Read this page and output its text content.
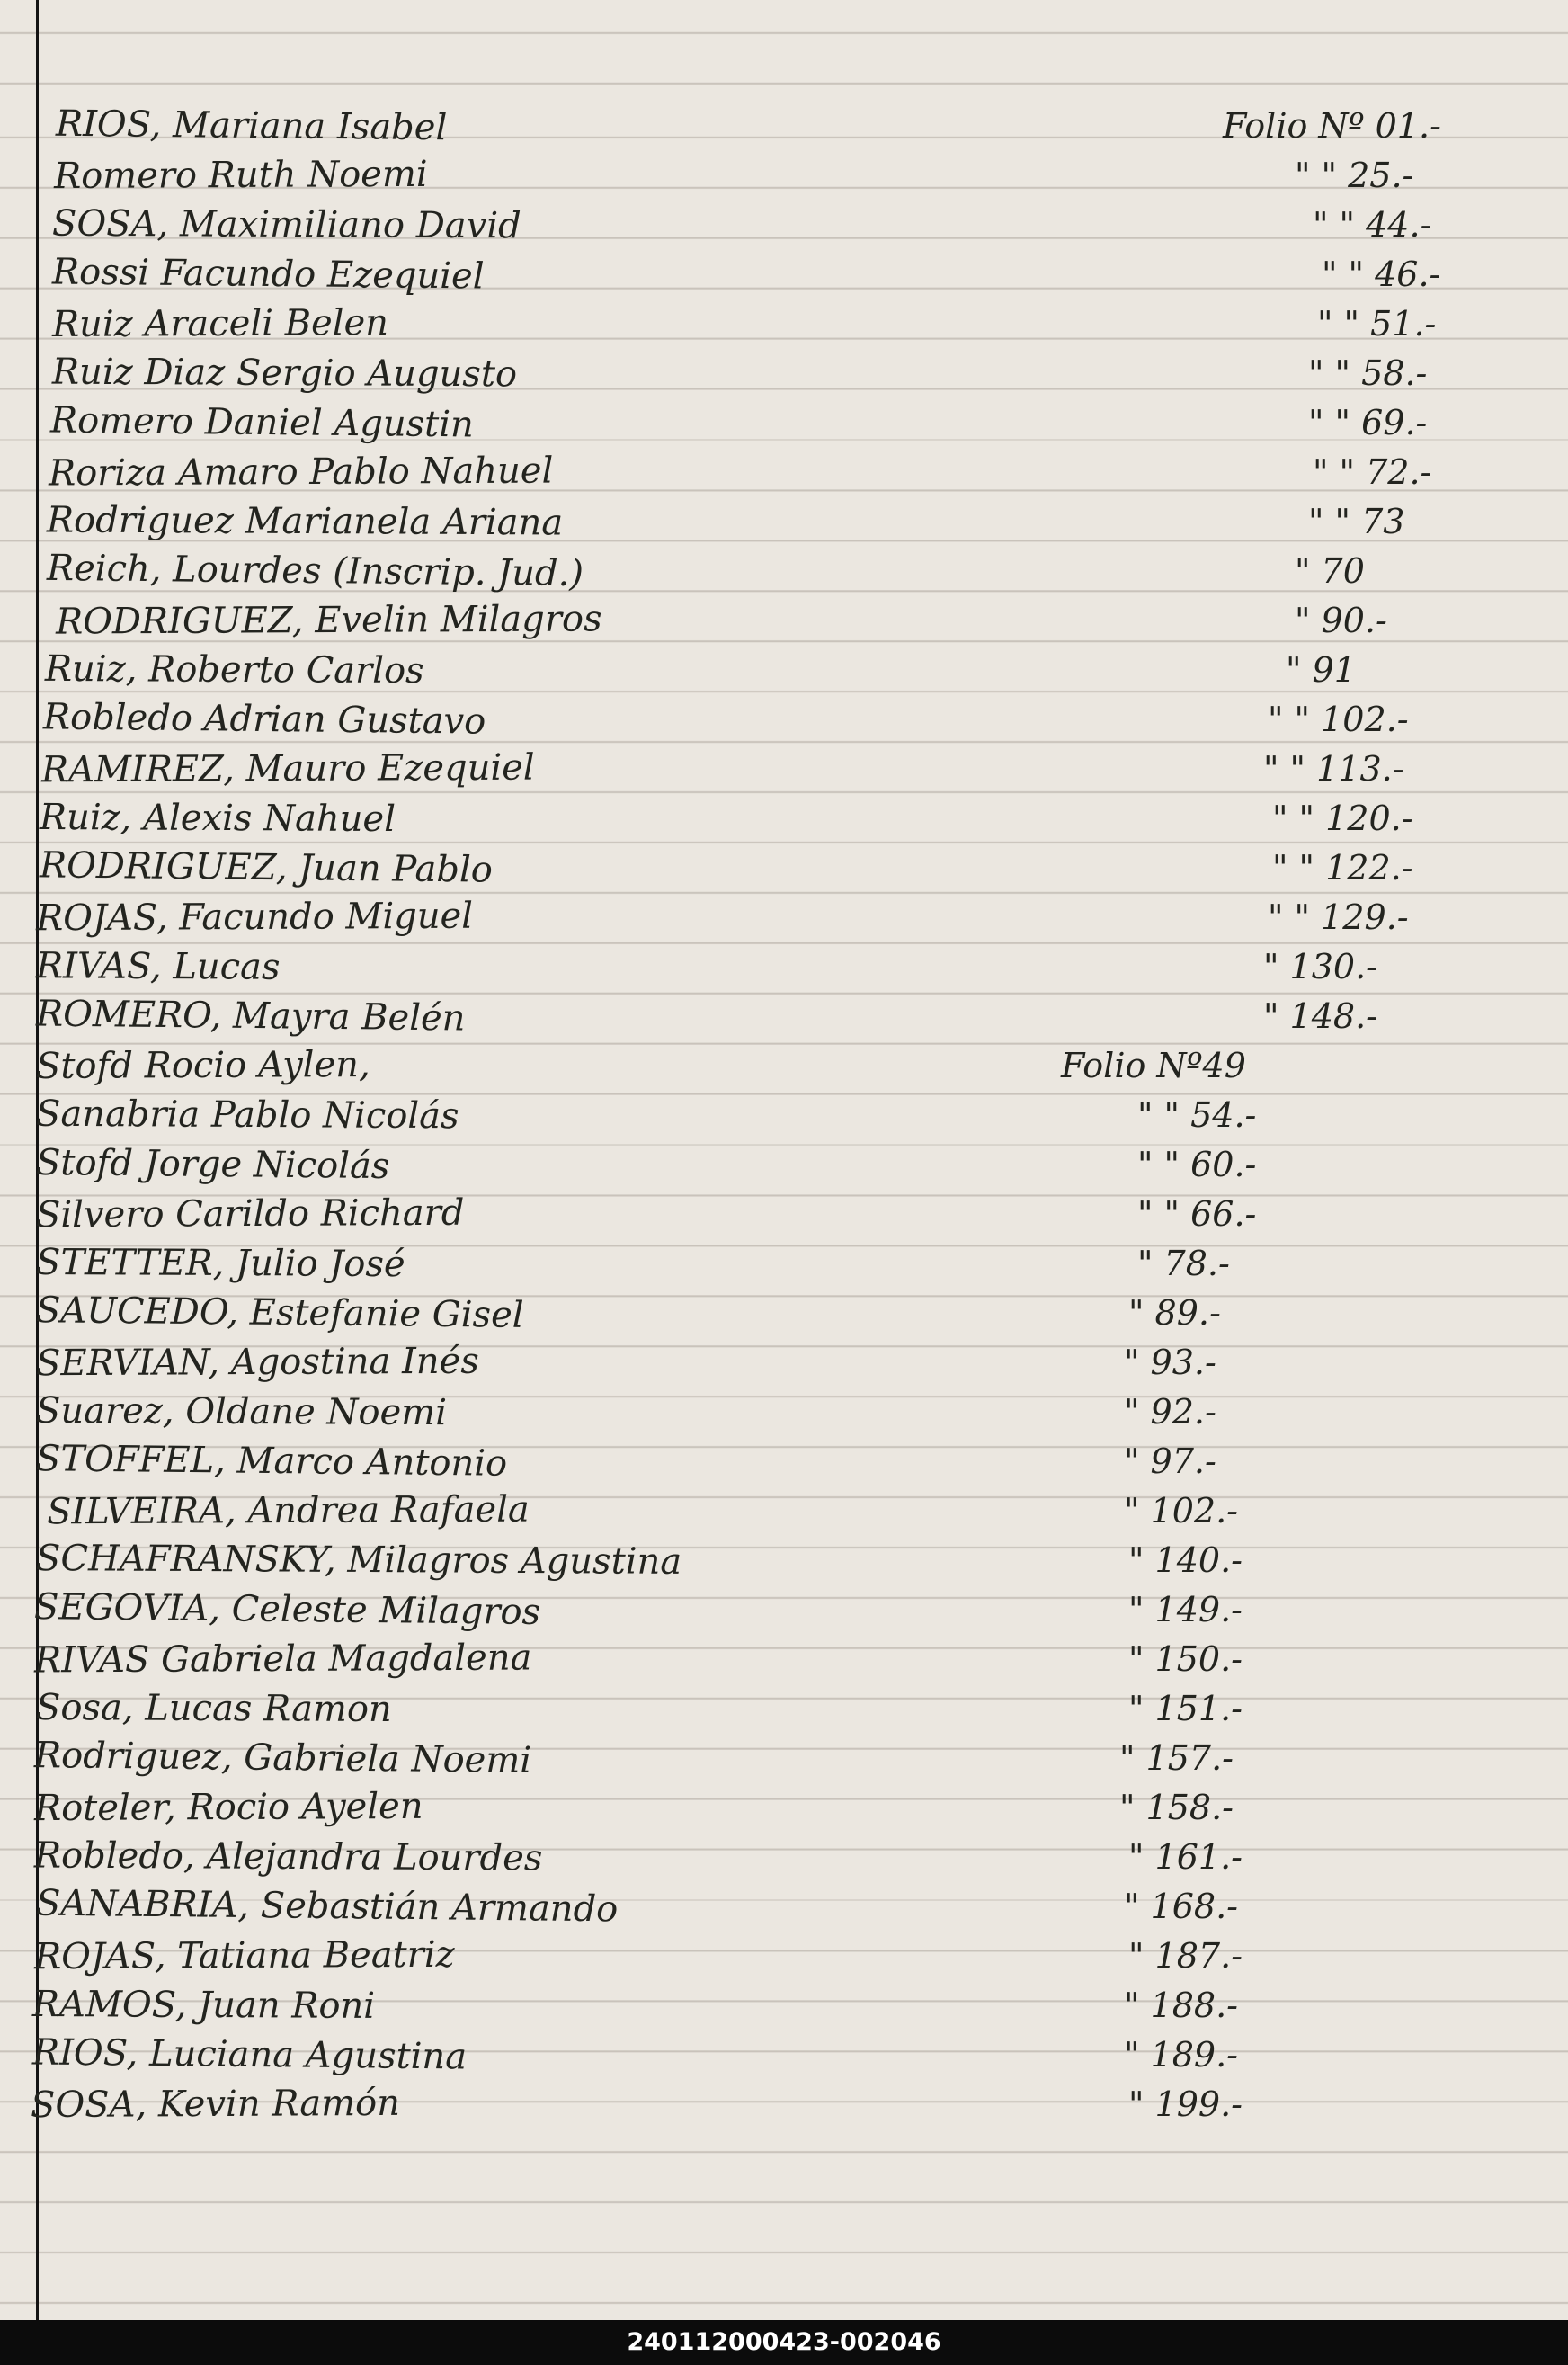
RIOS, Mariana Isabel	Folio Nº 01.-
Romero Ruth Noemi	" " 25.-
SOSA, Maximiliano David	" " 44.-
Rossi Facundo Ezequiel	" " 46.-
Ruiz Araceli Belen	" " 51.-
Ruiz Diaz Sergio Augusto	" " 58.-
Romero Daniel Agustin	" " 69.-
Roriza Amaro Pablo Nahuel	" " 72.-
Rodriguez Marianela Ariana	" " 73
Reich, Lourdes (Inscrip. Jud.)	" 70
RODRIGUEZ, Evelin Milagros	" 90.-
Ruiz, Roberto Carlos	" 91
Robledo Adrian Gustavo	" " 102.-
RAMIREZ, Mauro Ezequiel	" " 113.-
Ruiz, Alexis Nahuel	" " 120.-
RODRIGUEZ, Juan Pablo	" " 122.-
ROJAS, Facundo Miguel	" " 129.-
RIVAS, Lucas	" 130.-
ROMERO, Mayra Belén	" 148.-
Stofd Rocio Aylen,	Folio Nº49
Sanabria Pablo Nicolás	" " 54.-
Stofd Jorge Nicolás	" " 60.-
Silvero Carildo Richard	" " 66.-
STETTER, Julio José	" 78.-
SAUCEDO, Estefanie Gisel	" 89.-
SERVIAN, Agostina Inés	" 93.-
Suarez, Oldane Noemi	" 92.-
STOFFEL, Marco Antonio	" 97.-
SILVEIRA, Andrea Rafaela	" 102.-
SCHAFRANSKY, Milagros Agustina	" 140.-
SEGOVIA, Celeste Milagros	" 149.-
RIVAS Gabriela Magdalena	" 150.-
Sosa, Lucas Ramon	" 151.-
Rodriguez, Gabriela Noemi	" 157.-
Roteler, Rocio Ayelen	" 158.-
Robledo, Alejandra Lourdes	" 161.-
SANABRIA, Sebastián Armando	" 168.-
ROJAS, Tatiana Beatriz	" 187.-
RAMOS, Juan Roni	" 188.-
RIOS, Luciana Agustina	" 189.-
SOSA, Kevin Ramón	" 199.-
240112000423-002046
